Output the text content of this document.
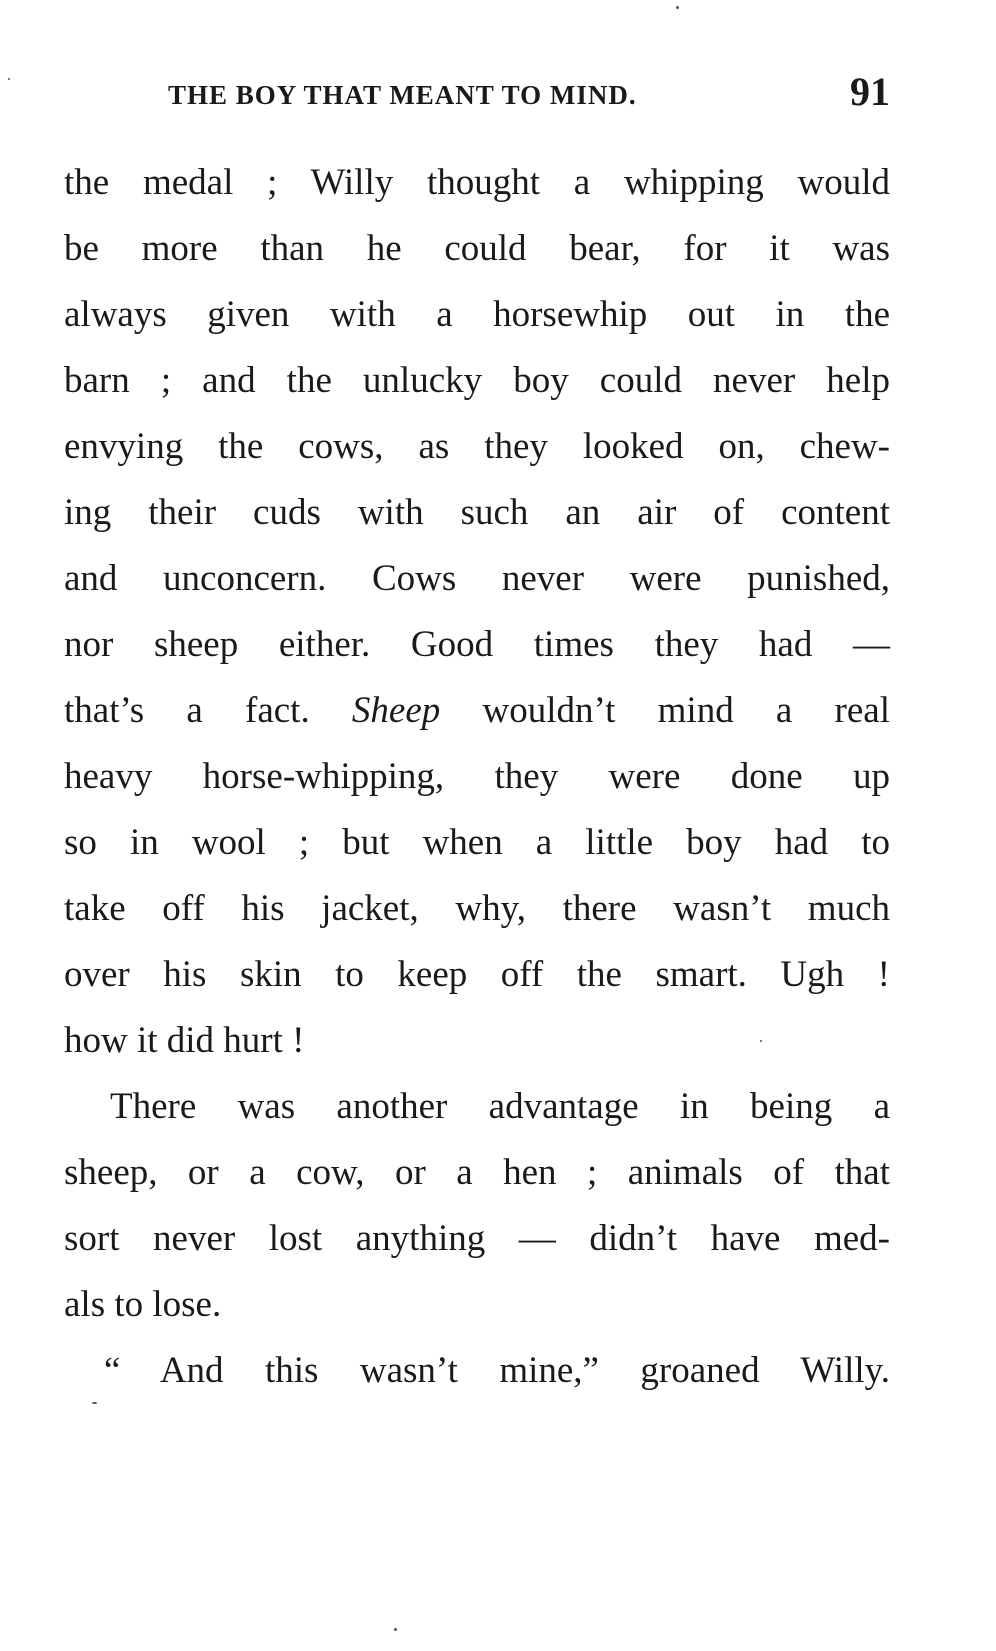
THE BOY THAT MEANT TO MIND.	91
the medal ; Willy thought a whipping would
be more than he could bear, for it was
always given with a horsewhip out in the
barn ; and the unlucky boy could never help
envying the cows, as they looked on, chew-
ing their cuds with such an air of content
and unconcern. Cows never were punished,
nor sheep either. Good times they had —
that’s a fact. Sheep wouldn’t mind a real
heavy horse-whipping, they were done up
so in wool ; but when a little boy had to
take off his jacket, why, there wasn’t much
over his skin to keep off the smart. Ugh !
how it did hurt !
There was another advantage in being a
sheep, or a cow, or a hen ; animals of that
sort never lost anything — didn’t have med-
als to lose.
“ And this wasn’t mine,” groaned Willy.
